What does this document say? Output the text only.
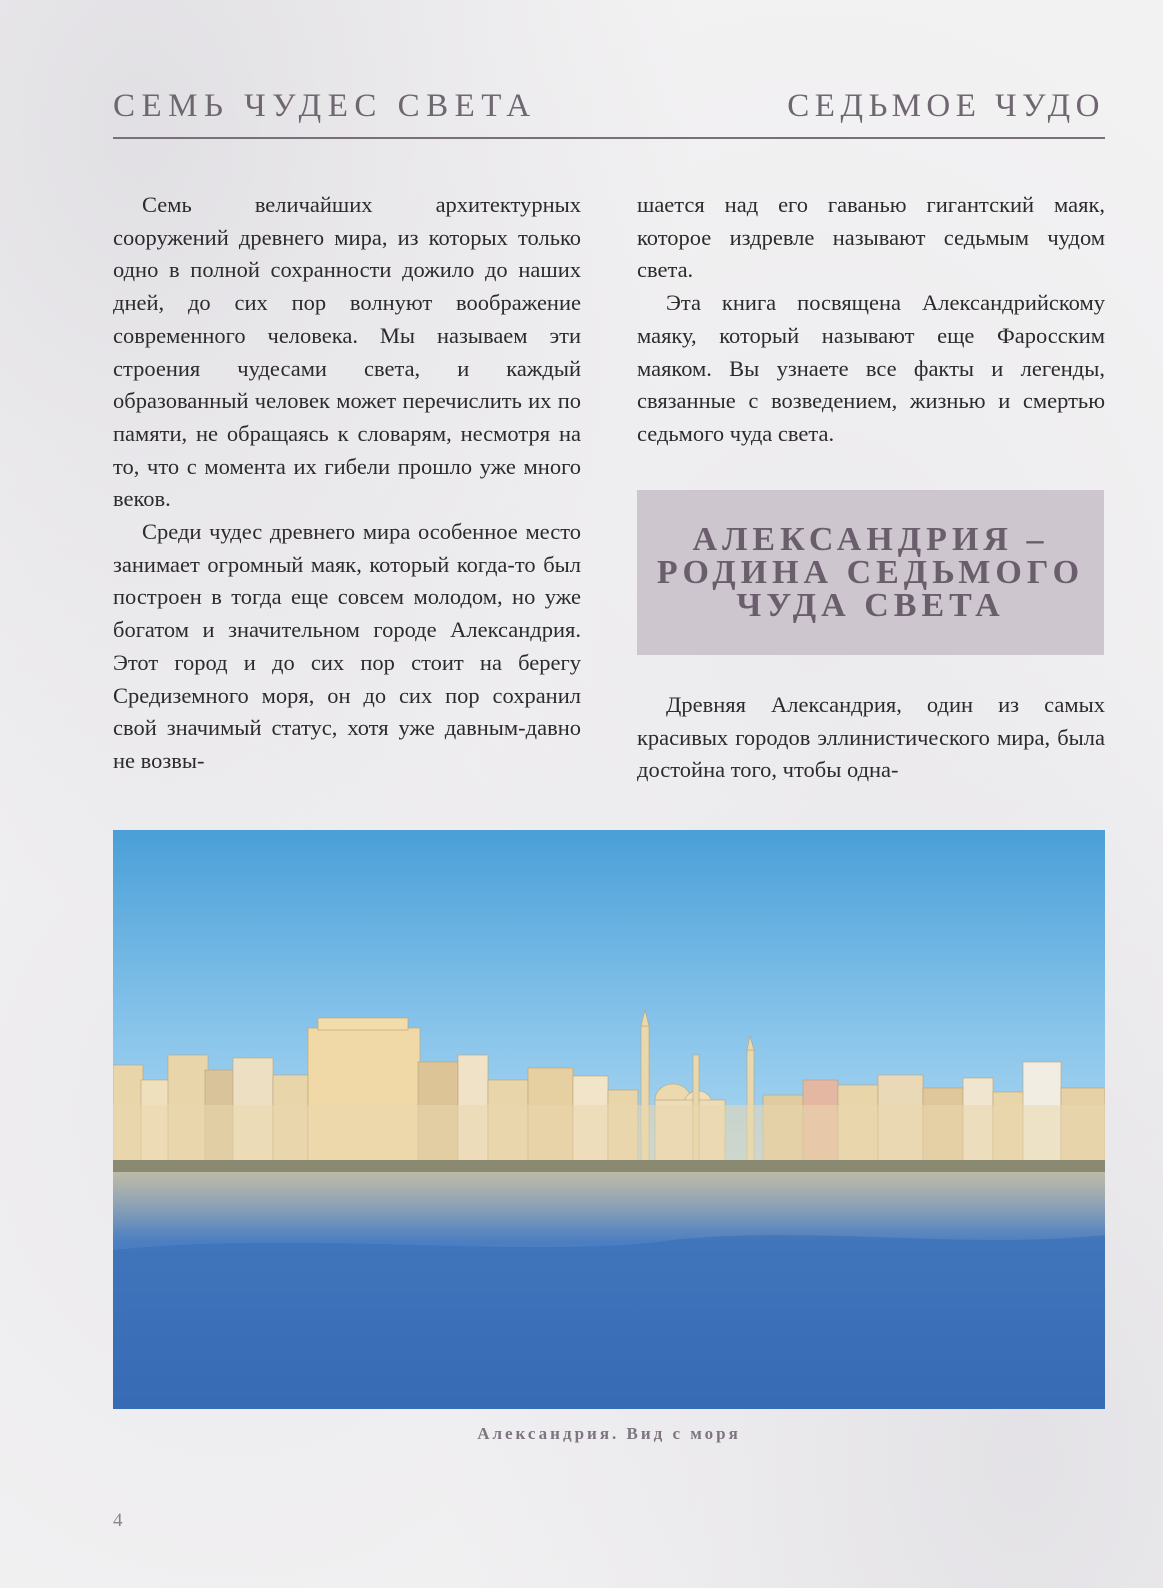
СЕМЬ ЧУДЕС СВЕТА	СЕДЬМОЕ ЧУДО

Семь величайших архитектурных сооружений древнего мира, из которых только одно в полной сохранности дожило до наших дней, до сих пор волнуют воображение современного человека. Мы называем эти строения чудесами света, и каждый образованный человек может перечислить их по памяти, не обращаясь к словарям, несмотря на то, что с момента их гибели прошло уже много веков.

Среди чудес древнего мира особенное место занимает огромный маяк, который когда-то был построен в тогда еще совсем молодом, но уже богатом и значительном городе Александрия. Этот город и до сих пор стоит на берегу Средиземного моря, он до сих пор сохранил свой значимый статус, хотя уже давным-давно не возвы-

шается над его гаванью гигантский маяк, которое издревле называют седьмым чудом света.

Эта книга посвящена Александрийскому маяку, который называют еще Фаросским маяком. Вы узнаете все факты и легенды, связанные с возведением, жизнью и смертью седьмого чуда света.

АЛЕКСАНДРИЯ –
РОДИНА СЕДЬМОГО
ЧУДА СВЕТА

Древняя Александрия, один из самых красивых городов эллинистического мира, была достойна того, чтобы одна-

Александрия. Вид с моря
4
